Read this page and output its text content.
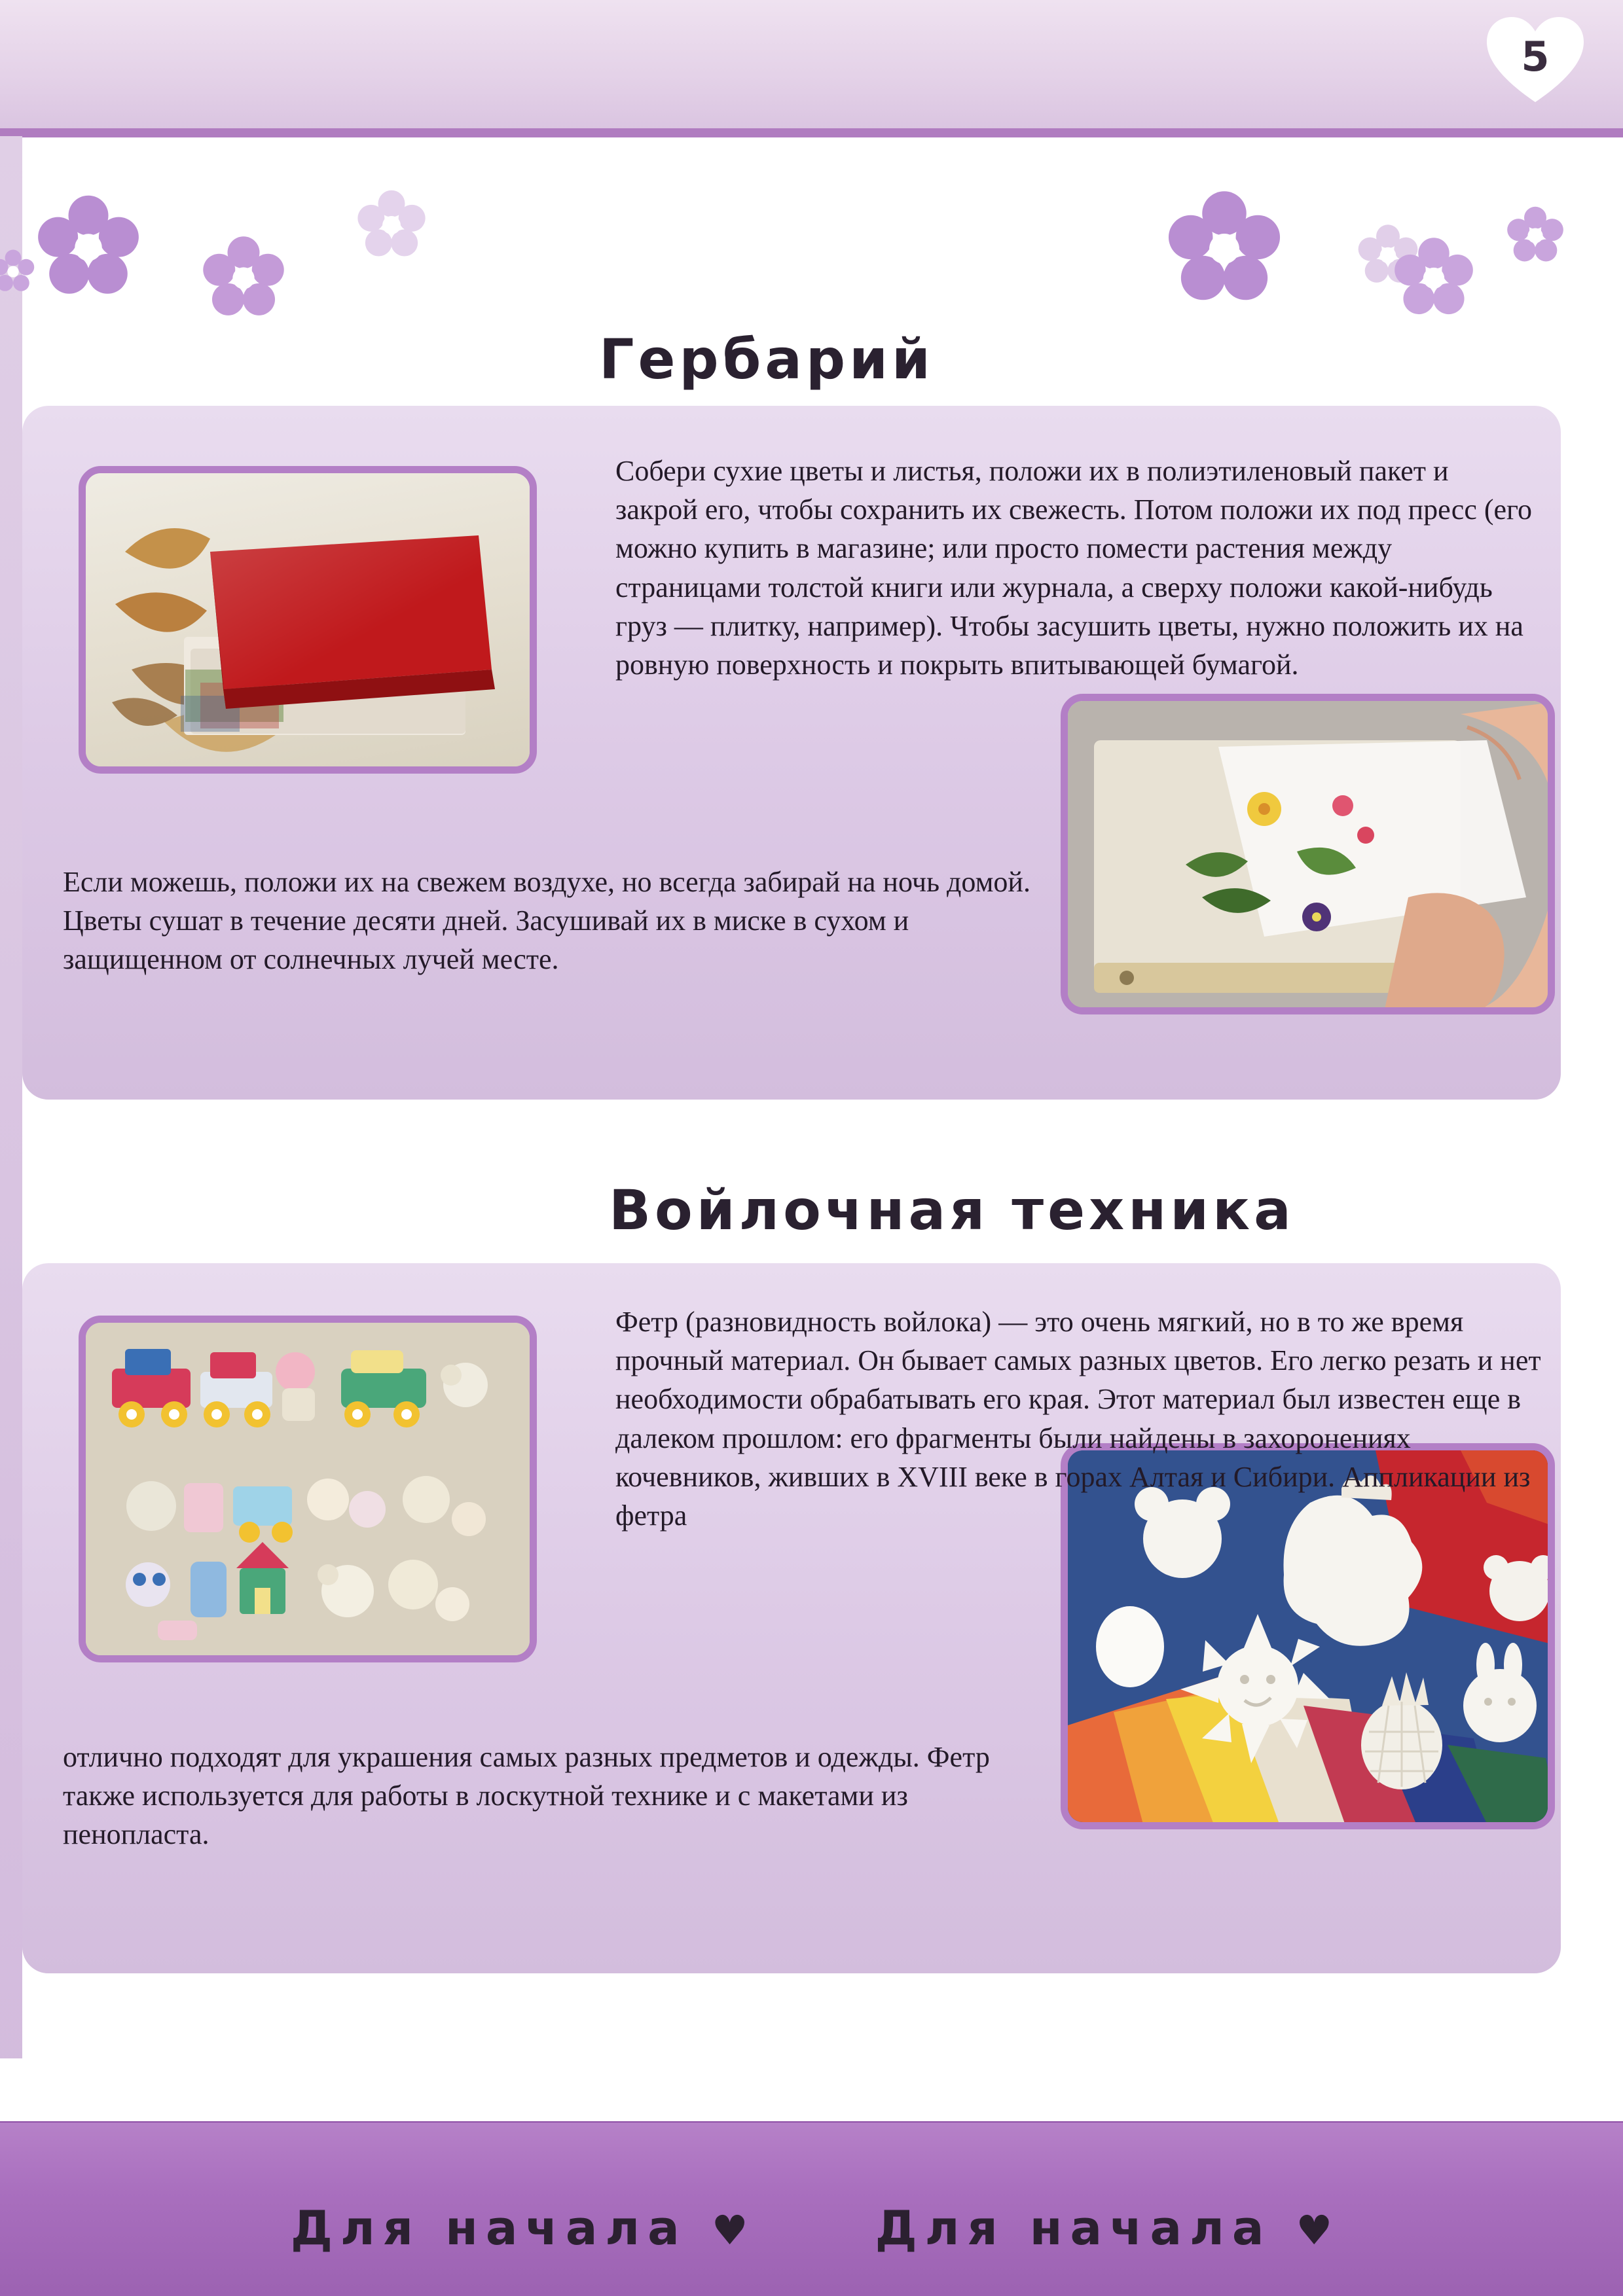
5
Гербарий
Собери сухие цветы и листья, положи их в полиэтиленовый пакет и закрой его, чтобы сохранить их свежесть. Потом положи их под пресс (его можно купить в магазине; или просто помести растения между страницами толстой книги или журнала, а сверху положи какой-нибудь груз — плитку, например). Чтобы засушить цветы, нужно положить их на ровную поверхность и покрыть впитывающей бумагой.
Если можешь, положи их на свежем воздухе, но всегда забирай на ночь домой. Цветы сушат в течение десяти дней. Засушивай их в миске в сухом и защищенном от солнечных лучей месте.
Войлочная техника
Фетр (разновидность войлока) — это очень мягкий, но в то же время прочный материал. Он бывает самых разных цветов. Его легко резать и нет необходимости обрабатывать его края. Этот материал был известен еще в далеком прошлом: его фрагменты были найдены в захоронениях кочевников, живших в XVIII веке в горах Алтая и Сибири. Аппликации из фетра
отлично подходят для украшения самых разных предметов и одежды. Фетр также используется для работы в лоскутной технике и с макетами из пенопласта.
Для начала ♥	Для начала ♥
